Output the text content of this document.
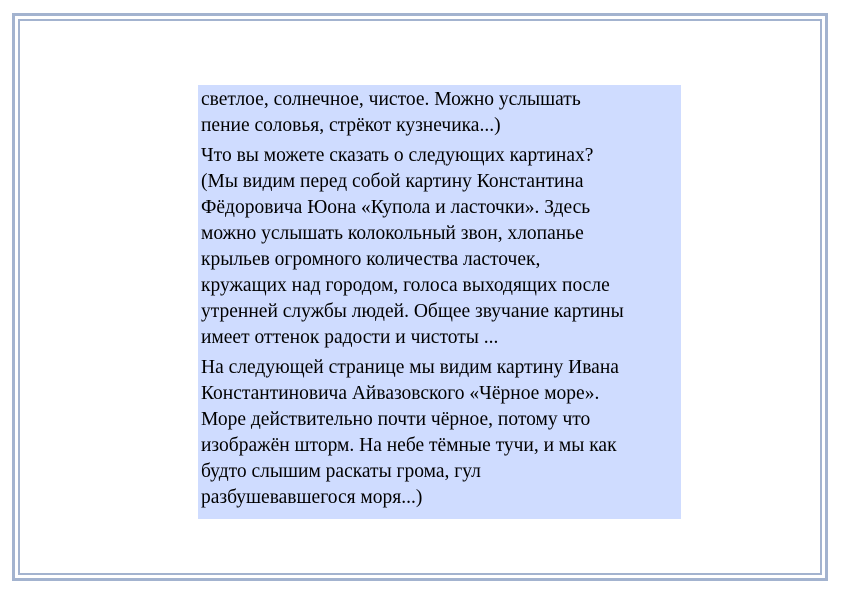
светлое, солнечное, чистое. Можно услышать
пение соловья, стрёкот кузнечика...)

Что вы можете сказать о следующих картинах?
(Мы видим перед собой картину Константина
Фёдоровича Юона «Купола и ласточки». Здесь
можно услышать колокольный звон, хлопанье
крыльев огромного количества ласточек,
кружащих над городом, голоса выходящих после
утренней службы людей. Общее звучание картины
имеет оттенок радости и чистоты ...

На следующей странице мы видим картину Ивана
Константиновича Айвазовского «Чёрное море».
Море действительно почти чёрное, потому что
изображён шторм. На небе тёмные тучи, и мы как
будто слышим раскаты грома, гул
разбушевавшегося моря...)
